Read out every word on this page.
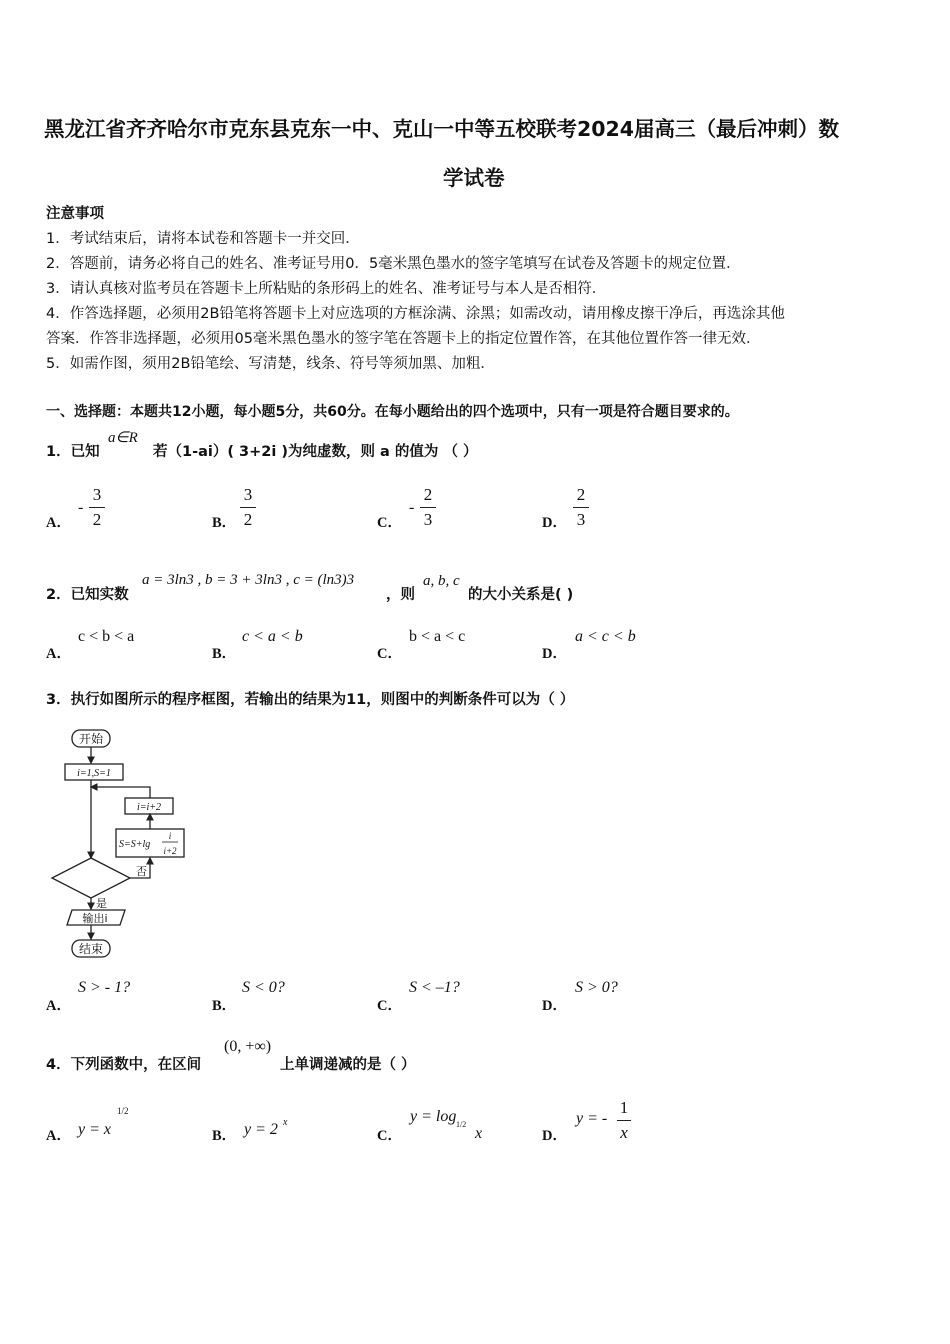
黑龙江省齐齐哈尔市克东县克东一中、克山一中等五校联考2024届高三（最后冲刺）数
学试卷
注意事项
1．考试结束后，请将本试卷和答题卡一并交回．
2．答题前，请务必将自己的姓名、准考证号用0．5毫米黑色墨水的签字笔填写在试卷及答题卡的规定位置．
3．请认真核对监考员在答题卡上所粘贴的条形码上的姓名、准考证号与本人是否相符．
4．作答选择题，必须用2B铅笔将答题卡上对应选项的方框涂满、涂黑；如需改动，请用橡皮擦干净后，再选涂其他
答案．作答非选择题，必须用05毫米黑色墨水的签字笔在答题卡上的指定位置作答，在其他位置作答一律无效．
5．如需作图，须用2B铅笔绘、写清楚，线条、符号等须加黑、加粗．
一、选择题：本题共12小题，每小题5分，共60分。在每小题给出的四个选项中，只有一项是符合题目要求的。
1．已知
a∈R
若（1-ai）( 3+2i )为纯虚数，则 a 的值为 （ ）
A．
-
3
2	B．
3
2	C．
-
2
3	D．
2
3
2．已知实数
a = 3ln3 , b = 3 + 3ln3 , c = (ln3)3
，则
a, b, c
的大小关系是( )
A．
c < b < a
B．
c < a < b
C．
b < a < c
D．
a < c < b
3．执行如图所示的程序框图，若输出的结果为11，则图中的判断条件可以为（ ）
开始
i=1,S=1
i=i+2
S=S+lg
i
i+2
否
是
输出i
结束
A．
S > - 1?
B．
S < 0?
C．
S < –1?
D．
S > 0?
4．下列函数中，在区间
(0, +∞)
上单调递减的是（ ）
A． y = x
1/2
B． y = 2 x
C．
y = log 1/2
x	D．
y = -
1
x
